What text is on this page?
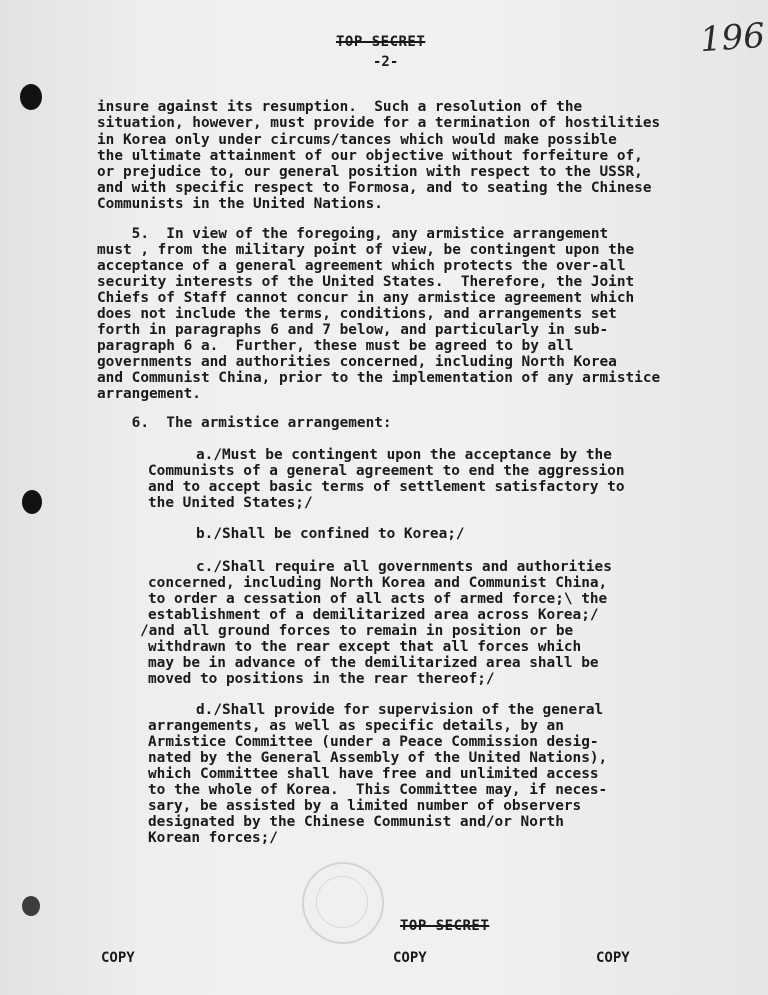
TOP SECRET
-2-
196
insure against its resumption.  Such a resolution of the
situation, however, must provide for a termination of hostilities
in Korea only under circums/tances which would make possible
the ultimate attainment of our objective without forfeiture of,
or prejudice to, our general position with respect to the USSR,
and with specific respect to Formosa, and to seating the Chinese
Communists in the United Nations.
5.  In view of the foregoing, any armistice arrangement
must , from the military point of view, be contingent upon the
acceptance of a general agreement which protects the over-all
security interests of the United States.  Therefore, the Joint
Chiefs of Staff cannot concur in any armistice agreement which
does not include the terms, conditions, and arrangements set
forth in paragraphs 6 and 7 below, and particularly in sub-
paragraph 6 a.  Further, these must be agreed to by all
governments and authorities concerned, including North Korea
and Communist China, prior to the implementation of any armistice
arrangement.
6.  The armistice arrangement:
a./Must be contingent upon the acceptance by the
Communists of a general agreement to end the aggression
and to accept basic terms of settlement satisfactory to
the United States;/
b./Shall be confined to Korea;/
c./Shall require all governments and authorities
concerned, including North Korea and Communist China,
to order a cessation of all acts of armed force;\ the
establishment of a demilitarized area across Korea;/
/and all ground forces to remain in position or be
withdrawn to the rear except that all forces which
may be in advance of the demilitarized area shall be
moved to positions in the rear thereof;/
d./Shall provide for supervision of the general
arrangements, as well as specific details, by an
Armistice Committee (under a Peace Commission desig-
nated by the General Assembly of the United Nations),
which Committee shall have free and unlimited access
to the whole of Korea.  This Committee may, if neces-
sary, be assisted by a limited number of observers
designated by the Chinese Communist and/or North
Korean forces;/
TOP SECRET
COPY	COPY	COPY
